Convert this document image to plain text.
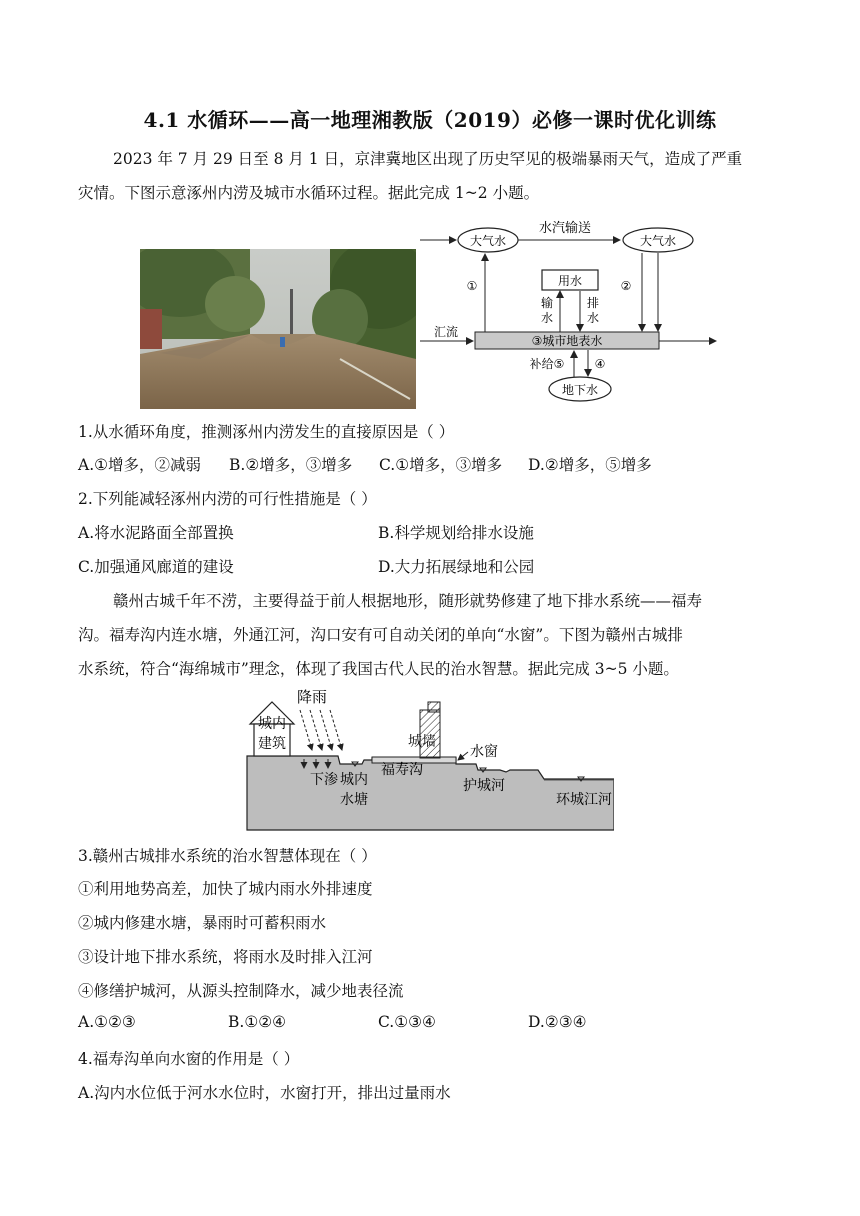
4.1 水循环——高一地理湘教版（2019）必修一课时优化训练
2023 年 7 月 29 日至 8 月 1 日，京津冀地区出现了历史罕见的极端暴雨天气，造成了严重
灾情。下图示意涿州内涝及城市水循环过程。据此完成 1~2 小题。
大气水	大气水
水汽输送
①	②
用水
输
水
排
水
③城市地表水
汇流
地下水
补给⑤	④
1.从水循环角度，推测涿州内涝发生的直接原因是（ ）
A.①增多，②减弱 B.②增多，③增多 C.①增多，③增多 D.②增多，⑤增多
2.下列能减轻涿州内涝的可行性措施是（ ）
A.将水泥路面全部置换	B.科学规划给排水设施
C.加强通风廊道的建设	D.大力拓展绿地和公园
赣州古城千年不涝，主要得益于前人根据地形，随形就势修建了地下排水系统——福寿
沟。福寿沟内连水塘，外通江河，沟口安有可自动关闭的单向“水窗”。下图为赣州古城排
水系统，符合“海绵城市”理念，体现了我国古代人民的治水智慧。据此完成 3~5 小题。
城内
建筑
降雨
下渗 城内
水塘
城墙
福寿沟
水窗
护城河
环城江河
3.赣州古城排水系统的治水智慧体现在（ ）
①利用地势高差，加快了城内雨水外排速度
②城内修建水塘，暴雨时可蓄积雨水
③设计地下排水系统，将雨水及时排入江河
④修缮护城河，从源头控制降水，减少地表径流
A.①②③	B.①②④	C.①③④	D.②③④
4.福寿沟单向水窗的作用是（ ）
A.沟内水位低于河水水位时，水窗打开，排出过量雨水
